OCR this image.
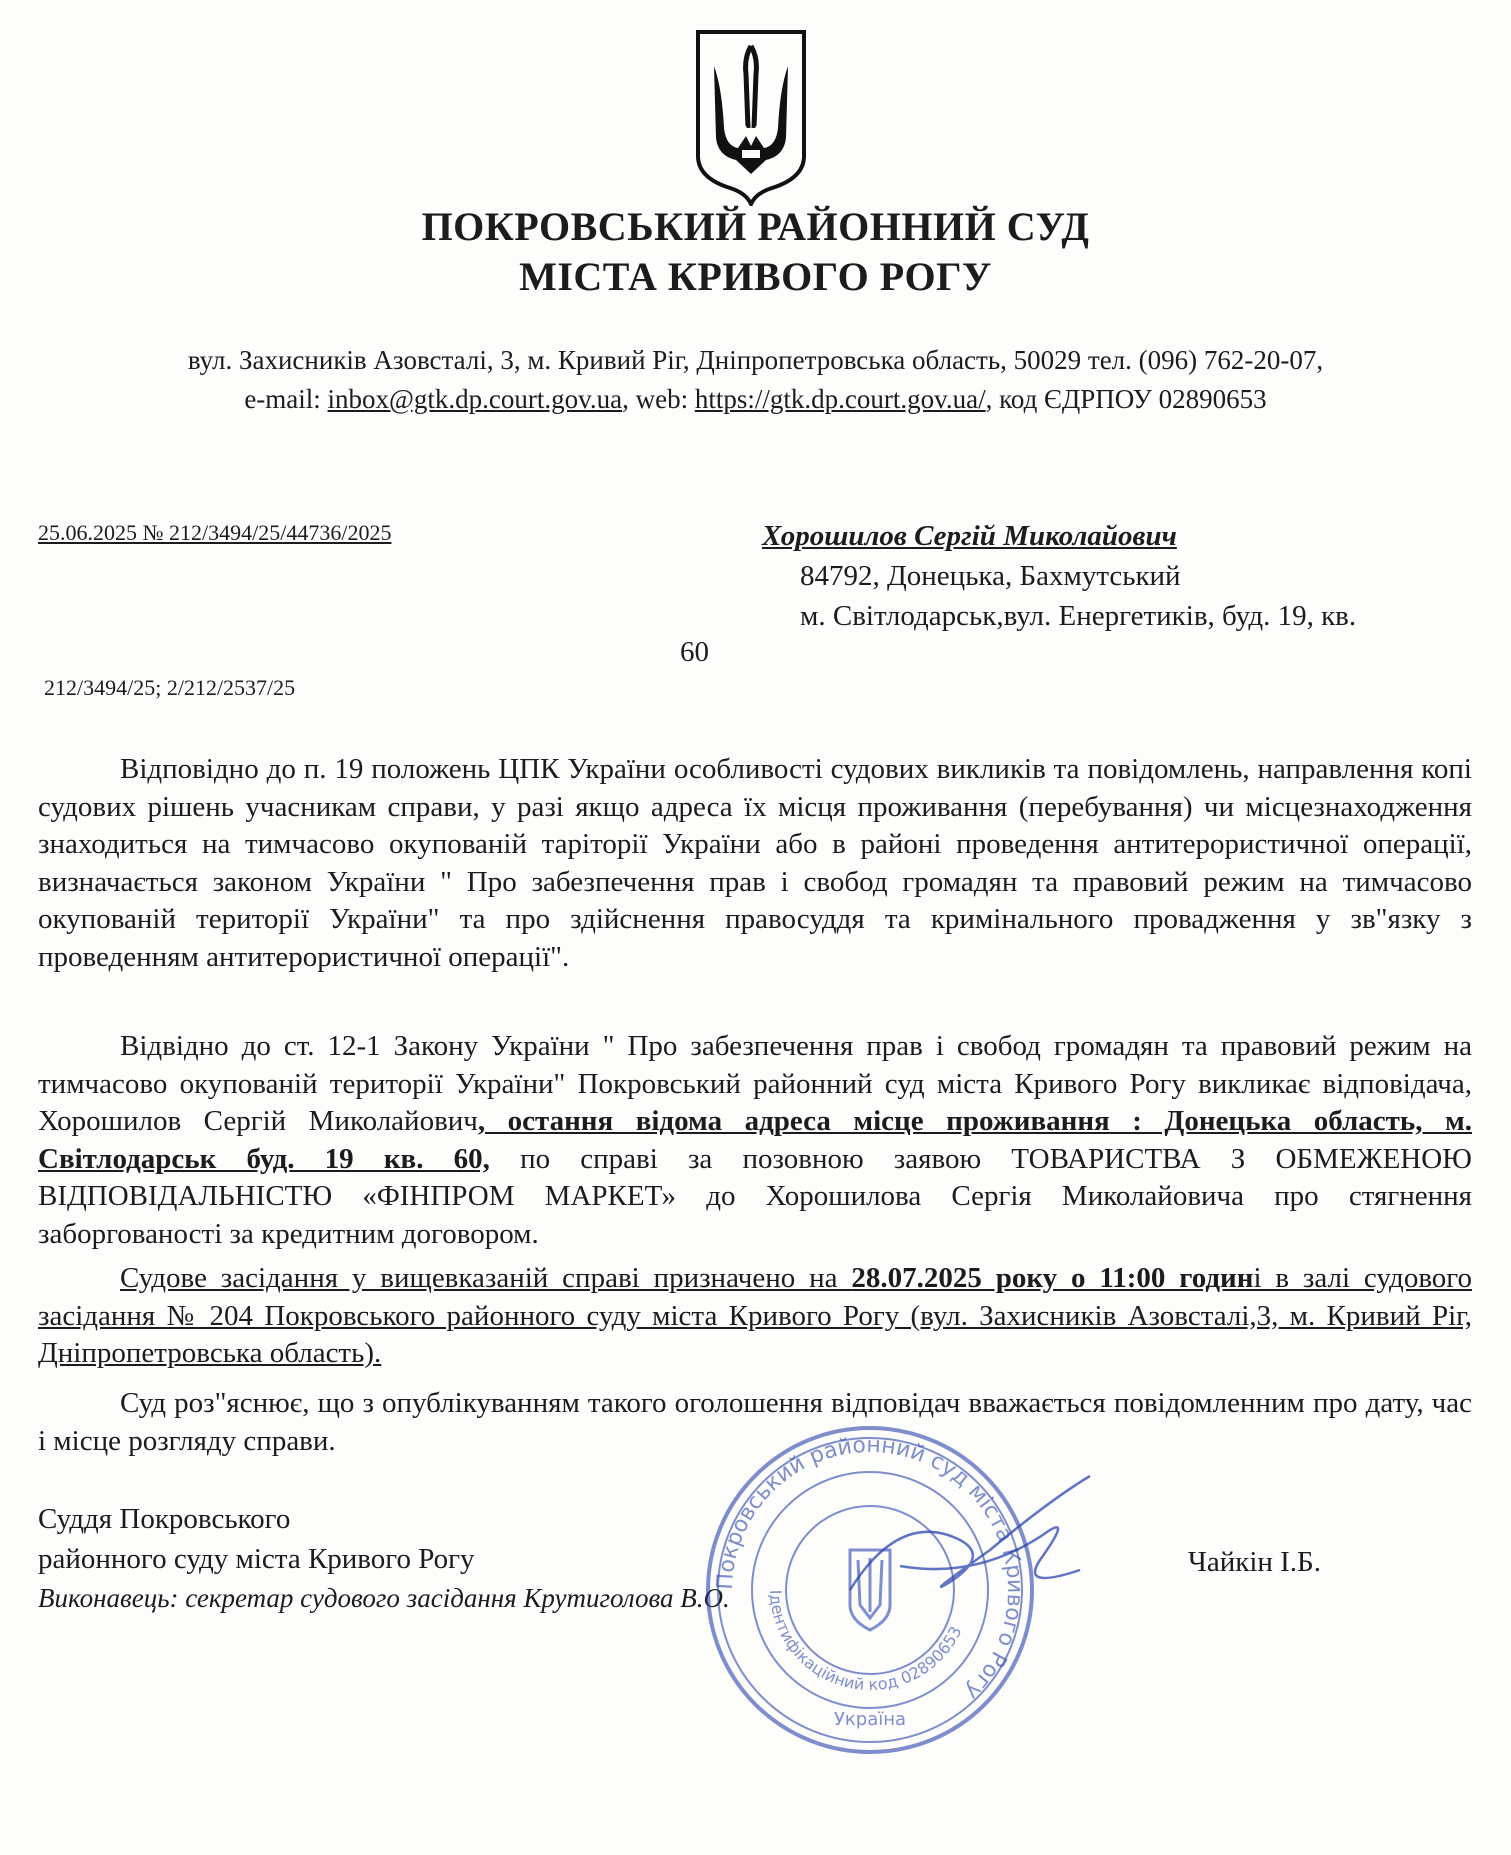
ПОКРОВСЬКИЙ РАЙОННИЙ СУД
МІСТА КРИВОГО РОГУ
вул. Захисників Азовсталі, 3, м. Кривий Ріг, Дніпропетровська область, 50029 тел. (096) 762-20-07,
e-mail: inbox@gtk.dp.court.gov.ua, web: https://gtk.dp.court.gov.ua/, код ЄДРПОУ 02890653
25.06.2025 № 212/3494/25/44736/2025
212/3494/25; 2/212/2537/25
Хорошилов Сергій Миколайович
84792, Донецька, Бахмутський
м. Світлодарськ,вул. Енергетиків, буд. 19, кв.
60
Відповідно до п. 19 положень ЦПК України особливості судових викликів та повідомлень, направлення копі судових рішень учасникам справи, у разі якщо адреса їх місця проживання (перебування) чи місцезнаходження знаходиться на тимчасово окупованій таріторії України або в районі проведення антитерористичної операції, визначається законом України " Про забезпечення прав і свобод громадян та правовий режим на тимчасово окупованій території України" та про здійснення правосуддя та кримінального провадження у зв"язку з проведенням антитерористичної операції".
Відвідно до ст. 12-1 Закону України " Про забезпечення прав і свобод громадян та правовий режим на тимчасово окупованій території України" Покровський районний суд міста Кривого Рогу викликає відповідача, Хорошилов Сергій Миколайович, остання відома адреса місце проживання : Донецька область, м. Світлодарськ буд. 19 кв. 60, по справі за позовною заявою ТОВАРИСТВА З ОБМЕЖЕНОЮ ВІДПОВІДАЛЬНІСТЮ «ФІНПРОМ МАРКЕТ» до Хорошилова Сергія Миколайовича про стягнення заборгованості за кредитним договором.
Судове засідання у вищевказаній справі призначено на 28.07.2025 року о 11:00 годині в залі судового засідання № 204 Покровського районного суду міста Кривого Рогу (вул. Захисників Азовсталі,3, м. Кривий Ріг, Дніпропетровська область).
Суд роз"яснює, що з опублікуванням такого оголошення відповідач вважається повідомленним про дату, час і місце розгляду справи.
Суддя Покровського
районного суду міста Кривого Рогу
Виконавець: секретар судового засідання Крутиголова В.О.
Чайкін І.Б.
Покровський районний суд міста Кривого Рогу
Ідентифікаційний код 02890653
Україна
